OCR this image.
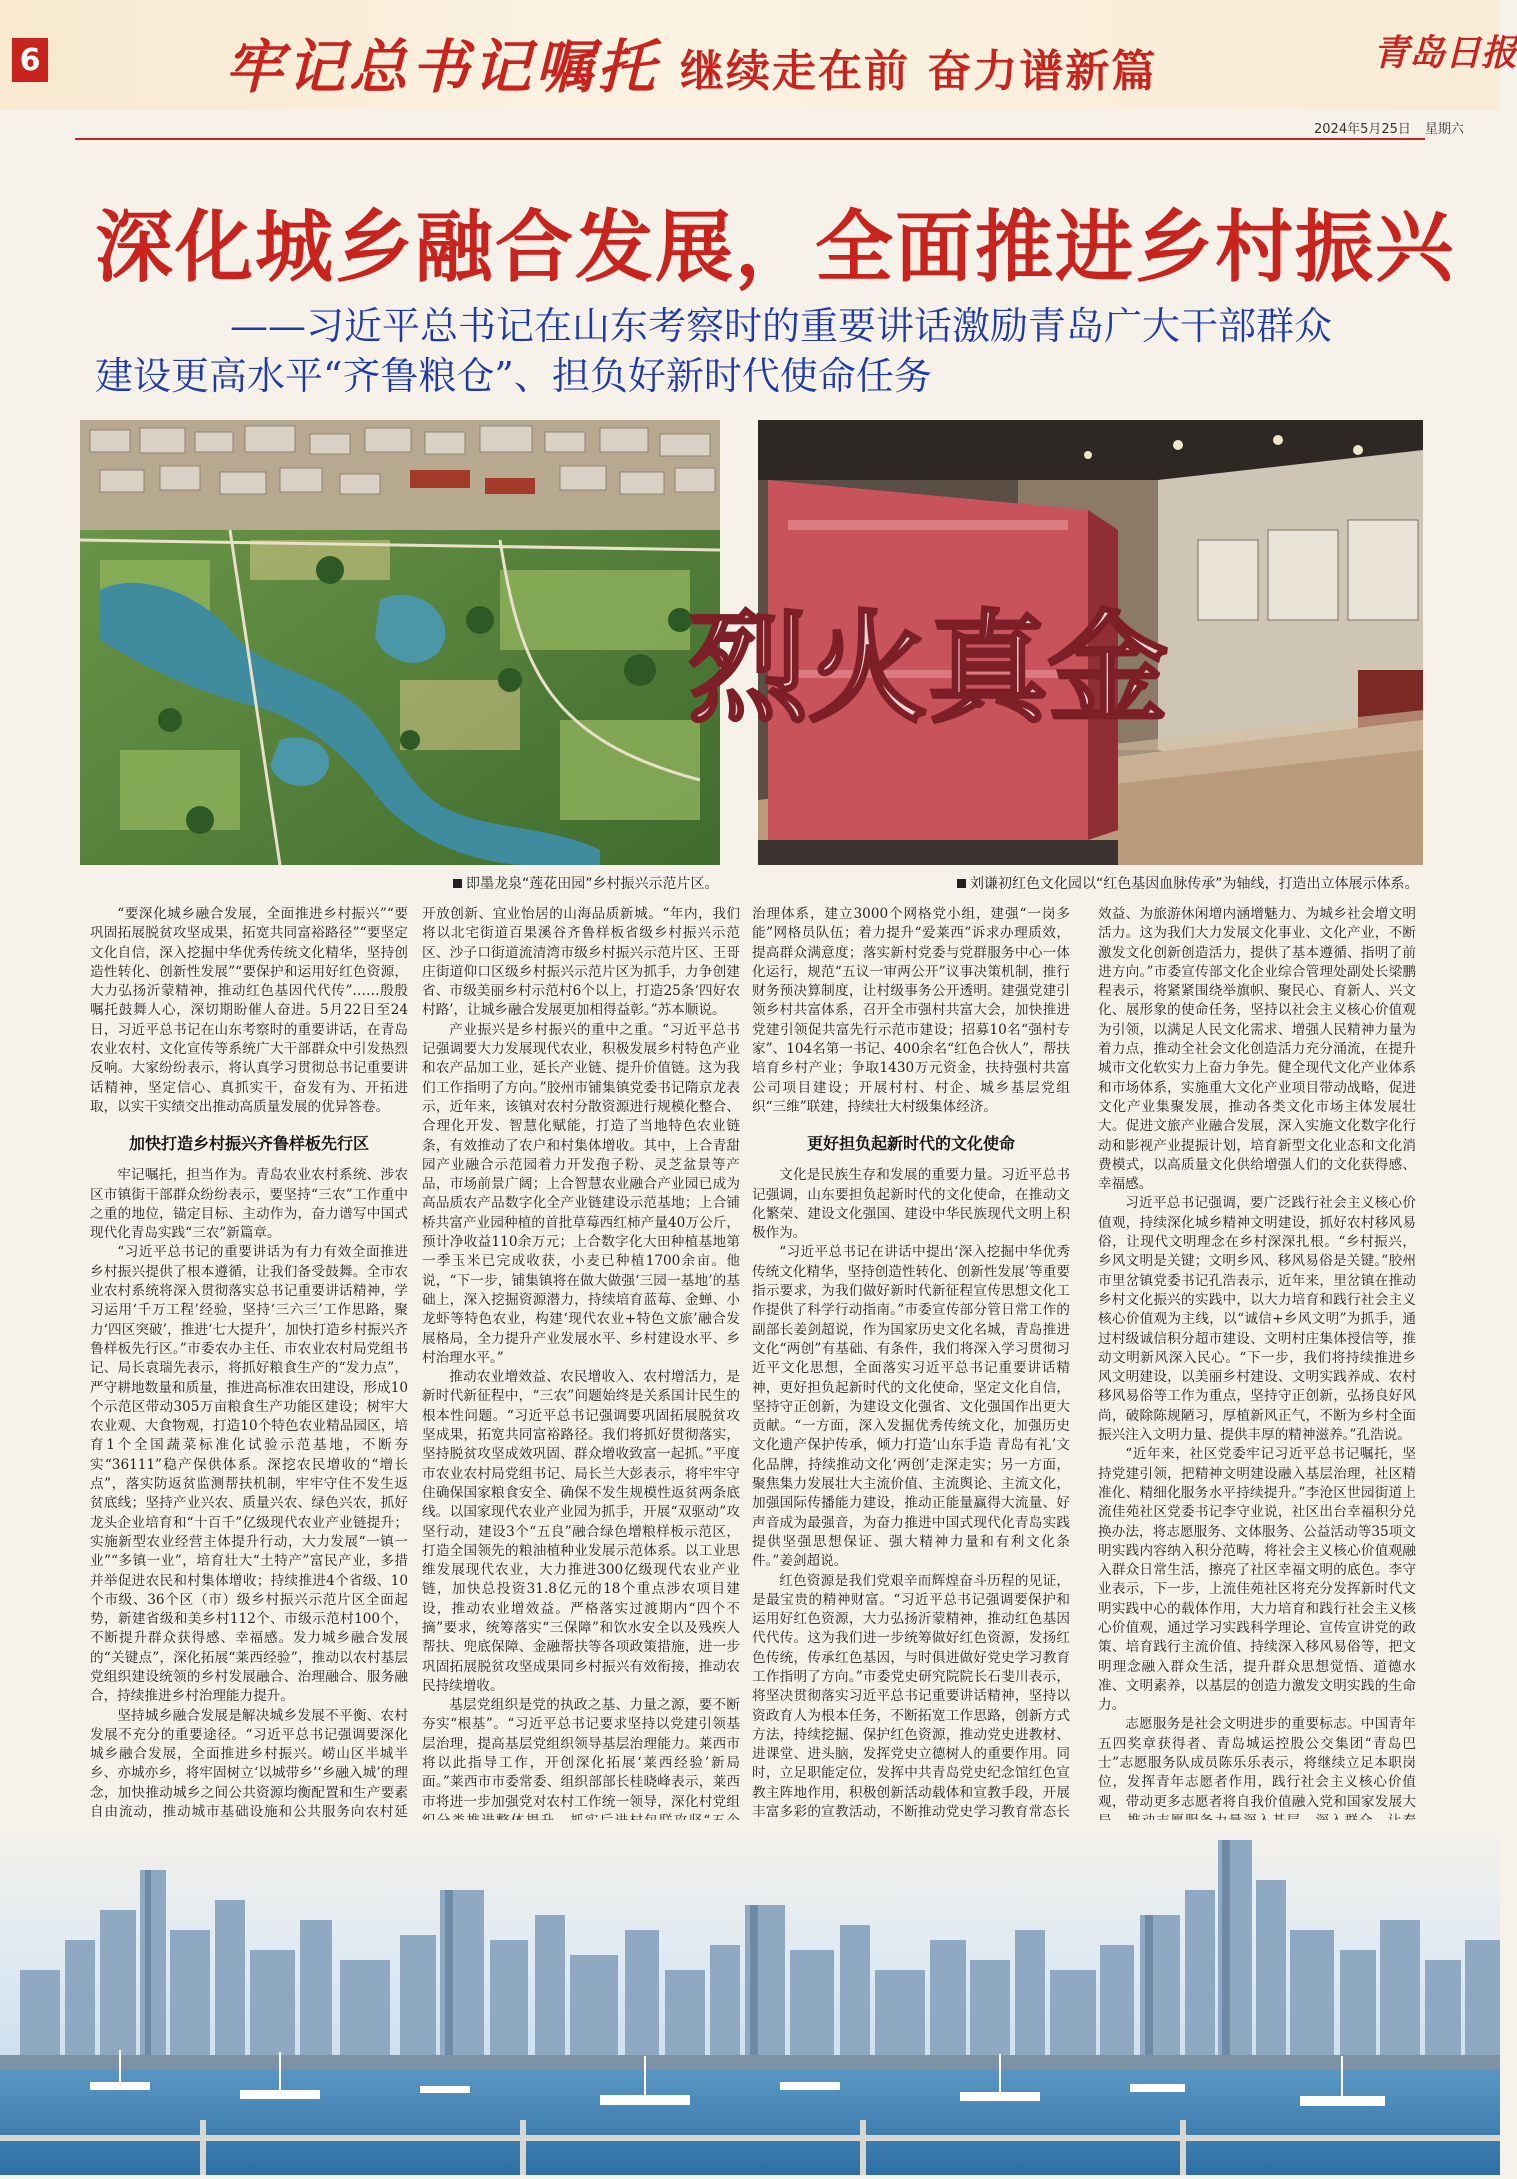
6	牢记总书记嘱托 继续走在前 奋力谱新篇	青岛日报
2024年5月25日 星期六
深化城乡融合发展，全面推进乡村振兴
——习近平总书记在山东考察时的重要讲话激励青岛广大干部群众
建设更高水平“齐鲁粮仓”、担负好新时代使命任务
即墨龙泉“莲花田园”乡村振兴示范片区。
烈火真金
刘谦初红色文化园以“红色基因血脉传承”为轴线，打造出立体展示体系。

“要深化城乡融合发展，全面推进乡村振兴”“要巩固拓展脱贫攻坚成果，拓宽共同富裕路径”“要坚定文化自信，深入挖掘中华优秀传统文化精华，坚持创造性转化、创新性发展”“要保护和运用好红色资源，大力弘扬沂蒙精神，推动红色基因代代传”……殷殷嘱托鼓舞人心，深切期盼催人奋进。5月22日至24日，习近平总书记在山东考察时的重要讲话，在青岛农业农村、文化宣传等系统广大干部群众中引发热烈反响。大家纷纷表示，将认真学习贯彻总书记重要讲话精神，坚定信心、真抓实干，奋发有为、开拓进取，以实干实绩交出推动高质量发展的优异答卷。

加快打造乡村振兴齐鲁样板先行区

牢记嘱托，担当作为。青岛农业农村系统、涉农区市镇街干部群众纷纷表示，要坚持“三农”工作重中之重的地位，锚定目标、主动作为，奋力谱写中国式现代化青岛实践“三农”新篇章。

“习近平总书记的重要讲话为有力有效全面推进乡村振兴提供了根本遵循，让我们备受鼓舞。全市农业农村系统将深入贯彻落实总书记重要讲话精神，学习运用‘千万工程’经验，坚持‘三六三’工作思路，聚力‘四区突破’，推进‘七大提升’，加快打造乡村振兴齐鲁样板先行区。”市委农办主任、市农业农村局党组书记、局长袁瑞先表示，将抓好粮食生产的“发力点”，严守耕地数量和质量，推进高标准农田建设，形成10个示范区带动305万亩粮食生产功能区建设；树牢大农业观、大食物观，打造10个特色农业精品园区，培育1个全国蔬菜标准化试验示范基地，不断夯实“36111”稳产保供体系。深挖农民增收的“增长点”，落实防返贫监测帮扶机制，牢牢守住不发生返贫底线；坚持产业兴农、质量兴农、绿色兴农，抓好龙头企业培育和“十百千”亿级现代农业产业链提升；实施新型农业经营主体提升行动，大力发展“一镇一业”“多镇一业”，培育壮大“土特产”富民产业，多措并举促进农民和村集体增收；持续推进4个省级、10个市级、36个区（市）级乡村振兴示范片区全面起势，新建省级和美乡村112个、市级示范村100个，不断提升群众获得感、幸福感。发力城乡融合发展的“关键点”，深化拓展“莱西经验”，推动以农村基层党组织建设统领的乡村发展融合、治理融合、服务融合，持续推进乡村治理能力提升。

坚持城乡融合发展是解决城乡发展不平衡、农村发展不充分的重要途径。“习近平总书记强调要深化城乡融合发展，全面推进乡村振兴。崂山区半城半乡、亦城亦乡，将牢固树立‘以城带乡’‘乡融入城’的理念，加快推动城乡之间公共资源均衡配置和生产要素自由流动，推动城市基础设施和公共服务向农村延

开放创新、宜业怡居的山海品质新城。“年内，我们将以北宅街道百果溪谷齐鲁样板省级乡村振兴示范区、沙子口街道流清湾市级乡村振兴示范片区、王哥庄街道仰口区级乡村振兴示范片区为抓手，力争创建省、市级美丽乡村示范村6个以上，打造25条‘四好农村路’，让城乡融合发展更加相得益彰。”苏本顺说。

产业振兴是乡村振兴的重中之重。“习近平总书记强调要大力发展现代农业，积极发展乡村特色产业和农产品加工业，延长产业链、提升价值链。这为我们工作指明了方向。”胶州市铺集镇党委书记隋京龙表示，近年来，该镇对农村分散资源进行规模化整合、合理化开发、智慧化赋能，打造了当地特色农业链条，有效推动了农户和村集体增收。其中，上合青甜园产业融合示范园着力开发孢子粉、灵芝盆景等产品，市场前景广阔；上合智慧农业融合产业园已成为高品质农产品数字化全产业链建设示范基地；上合铺桥共富产业园种植的首批草莓西红柿产量40万公斤，预计净收益110余万元；上合数字化大田种植基地第一季玉米已完成收获，小麦已种植1700余亩。他说，“下一步，铺集镇将在做大做强‘三园一基地’的基础上，深入挖掘资源潜力，持续培育蓝莓、金蝉、小龙虾等特色农业，构建‘现代农业+特色文旅’融合发展格局，全力提升产业发展水平、乡村建设水平、乡村治理水平。”

推动农业增效益、农民增收入、农村增活力，是新时代新征程中，“三农”问题始终是关系国计民生的根本性问题。“习近平总书记强调要巩固拓展脱贫攻坚成果，拓宽共同富裕路径。我们将抓好贯彻落实，坚持脱贫攻坚成效巩固、群众增收致富一起抓。”平度市农业农村局党组书记、局长兰大彭表示，将牢牢守住确保国家粮食安全、确保不发生规模性返贫两条底线。以国家现代农业产业园为抓手，开展“双驱动”攻坚行动，建设3个“五良”融合绿色增粮样板示范区，打造全国领先的粮油植种业发展示范体系。以工业思维发展现代农业，大力推进300亿级现代农业产业链，加快总投资31.8亿元的18个重点涉农项目建设，推动农业增效益。严格落实过渡期内“四个不摘”要求，统筹落实“三保障”和饮水安全以及残疾人帮扶、兜底保障、金融帮扶等各项政策措施，进一步巩固拓展脱贫攻坚成果同乡村振兴有效衔接，推动农民持续增收。

基层党组织是党的执政之基、力量之源，要不断夯实“根基”。“习近平总书记要求坚持以党建引领基层治理，提高基层党组织领导基层治理能力。莱西市将以此指导工作，开创深化拓展‘莱西经验’新局面。”莱西市市委常委、组织部部长桂晓峰表示，莱西市将进一步加强党对农村工作统一领导，深化村党组

治理体系，建立3000个网格党小组，建强“一岗多能”网格员队伍；着力提升“爱莱西”诉求办理质效，提高群众满意度；落实新村党委与党群服务中心一体化运行，规范“五议一审两公开”议事决策机制，推行财务预决算制度，让村级事务公开透明。建强党建引领乡村共富体系，召开全市强村共富大会，加快推进党建引领促共富先行示范市建设；招募10名“强村专家”、104名第一书记、400余名“红色合伙人”，帮扶培育乡村产业；争取1430万元资金，扶持强村共富公司项目建设；开展村村、村企、城乡基层党组织“三维”联建，持续壮大村级集体经济。

更好担负起新时代的文化使命

文化是民族生存和发展的重要力量。习近平总书记强调，山东要担负起新时代的文化使命，在推动文化繁荣、建设文化强国、建设中华民族现代文明上积极作为。

“习近平总书记在讲话中提出‘深入挖掘中华优秀传统文化精华，坚持创造性转化、创新性发展’等重要指示要求，为我们做好新时代新征程宣传思想文化工作提供了科学行动指南。”市委宣传部分管日常工作的副部长姜剑超说，作为国家历史文化名城，青岛推进文化“两创”有基础、有条件，我们将深入学习贯彻习近平文化思想，全面落实习近平总书记重要讲话精神，更好担负起新时代的文化使命，坚定文化自信，坚持守正创新，为建设文化强省、文化强国作出更大贡献。“一方面，深入发掘优秀传统文化，加强历史文化遗产保护传承，倾力打造‘山东手造 青岛有礼’文化品牌，持续推动文化‘两创’走深走实；另一方面，聚焦集力发展壮大主流价值、主流舆论、主流文化，加强国际传播能力建设，推动正能量赢得大流量、好声音成为最强音，为奋力推进中国式现代化青岛实践提供坚强思想保证、强大精神力量和有利文化条件。”姜剑超说。

红色资源是我们党艰辛而辉煌奋斗历程的见证，是最宝贵的精神财富。“习近平总书记强调要保护和运用好红色资源，大力弘扬沂蒙精神，推动红色基因代代传。这为我们进一步统筹做好红色资源，发扬红色传统，传承红色基因，与时俱进做好党史学习教育工作指明了方向。”市委党史研究院院长石斐川表示，将坚决贯彻落实习近平总书记重要讲话精神，坚持以资政育人为根本任务，不断拓宽工作思路，创新方式方法，持续挖掘、保护红色资源，推动党史进教材、进课堂、进头脑，发挥党史立德树人的重要作用。同时，立足职能定位，发挥中共青岛党史纪念馆红色宣教主阵地作用，积极创新活动载体和宣教手段，开展丰富多彩的宣教活动，不断推动党史学习教育常态长

效益、为旅游休闲增内涵增魅力、为城乡社会增文明活力。这为我们大力发展文化事业、文化产业，不断激发文化创新创造活力，提供了基本遵循、指明了前进方向。”市委宣传部文化企业综合管理处副处长梁鹏程表示，将紧紧围绕举旗帜、聚民心、育新人、兴文化、展形象的使命任务，坚持以社会主义核心价值观为引领，以满足人民文化需求、增强人民精神力量为着力点，推动全社会文化创造活力充分涌流，在提升城市文化软实力上奋力争先。健全现代文化产业体系和市场体系，实施重大文化产业项目带动战略，促进文化产业集聚发展，推动各类文化市场主体发展壮大。促进文旅产业融合发展，深入实施文化数字化行动和影视产业提振计划，培育新型文化业态和文化消费模式，以高质量文化供给增强人们的文化获得感、幸福感。

习近平总书记强调，要广泛践行社会主义核心价值观，持续深化城乡精神文明建设，抓好农村移风易俗，让现代文明理念在乡村深深扎根。“乡村振兴，乡风文明是关键；文明乡风、移风易俗是关键。”胶州市里岔镇党委书记孔浩表示，近年来，里岔镇在推动乡村文化振兴的实践中，以大力培育和践行社会主义核心价值观为主线，以“诚信+乡风文明”为抓手，通过村级诚信积分超市建设、文明村庄集体授信等，推动文明新风深入民心。“下一步，我们将持续推进乡风文明建设，以美丽乡村建设、文明实践养成、农村移风易俗等工作为重点，坚持守正创新，弘扬良好风尚，破除陈规陋习，厚植新风正气，不断为乡村全面振兴注入文明力量、提供丰厚的精神滋养。”孔浩说。

“近年来，社区党委牢记习近平总书记嘱托，坚持党建引领，把精神文明建设融入基层治理，社区精准化、精细化服务水平持续提升。”李沧区世园街道上流佳苑社区党委书记李守业说，社区出台幸福积分兑换办法，将志愿服务、文体服务、公益活动等35项文明实践内容纳入积分范畴，将社会主义核心价值观融入群众日常生活，擦亮了社区幸福文明的底色。李守业表示，下一步，上流佳苑社区将充分发挥新时代文明实践中心的载体作用，大力培育和践行社会主义核心价值观，通过学习实践科学理论、宣传宣讲党的政策、培育践行主流价值、持续深入移风易俗等，把文明理念融入群众生活，提升群众思想觉悟、道德水准、文明素养，以基层的创造力激发文明实践的生命力。

志愿服务是社会文明进步的重要标志。中国青年五四奖章获得者、青岛城运控股公交集团“青岛巴士”志愿服务队成员陈乐乐表示，将继续立足本职岗位，发挥青年志愿者作用，践行社会主义核心价值观，带动更多志愿者将自我价值融入党和国家发展大
